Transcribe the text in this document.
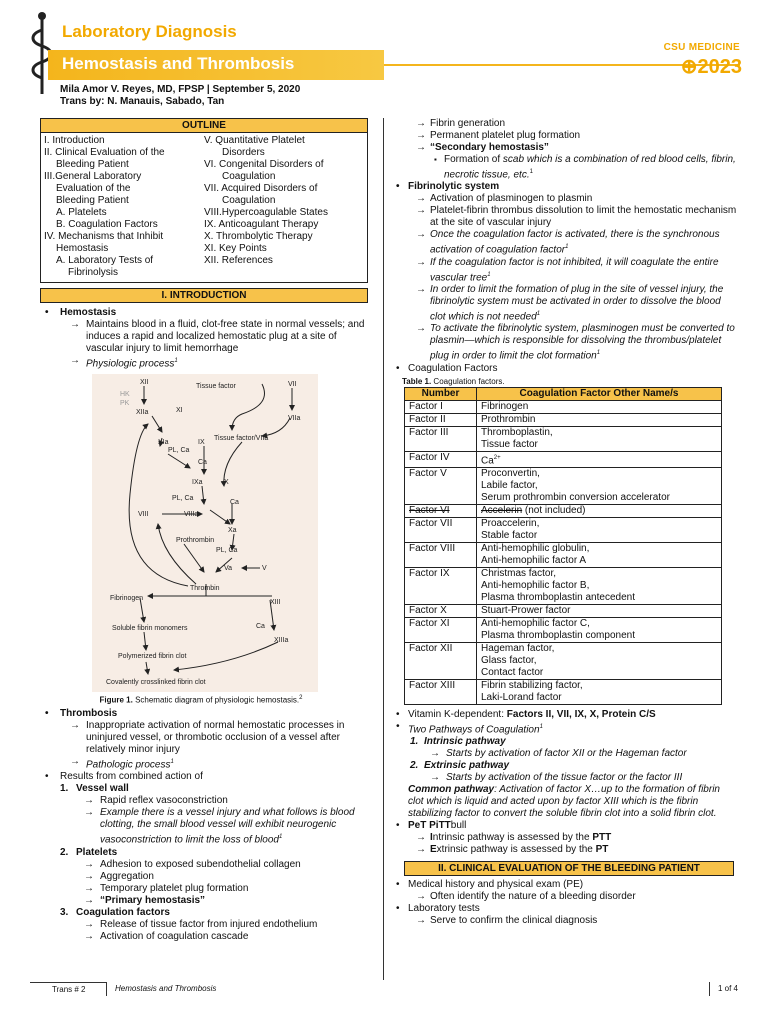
Laboratory Diagnosis
Hemostasis and Thrombosis
CSU MEDICINE
⊕2023
Mila Amor V. Reyes, MD, FPSP | September 5, 2020
Trans by: N. Manauis, Sabado, Tan
OUTLINE
I. Introduction
II. Clinical Evaluation of the
Bleeding Patient
III.General Laboratory
Evaluation of the
Bleeding Patient
A. Platelets
B. Coagulation Factors
IV. Mechanisms that Inhibit
Hemostasis
A. Laboratory Tests of
Fibrinolysis
V. Quantitative Platelet
Disorders
VI. Congenital Disorders of
Coagulation
VII. Acquired Disorders of
Coagulation
VIII.Hypercoagulable States
IX. Anticoagulant Therapy
X. Thrombolytic Therapy
XI. Key Points
XII. References
I. INTRODUCTION
• Hemostasis
→ Maintains blood in a fluid, clot-free state in normal vessels; and induces a rapid and localized hemostatic plug at a site of vascular injury to limit hemorrhage
→ Physiologic process$^1$
XII
HK
PK
XIIa	XI
XIa
Tissue factor	VII
VIIa
Tissue factor/VIIa
IX
PL, Ca
Ca
IXa	X
PL, Ca
Ca
VIII	VIIIa
Xa
Prothrombin
PL, Ca
Va	V
Fibrinogen
Thrombin
XIII
Ca
XIIIa
Soluble fibrin monomers
Polymerized fibrin clot
Covalently crosslinked fibrin clot
Figure 1. Schematic diagram of physiologic hemostasis.$^2$
• Thrombosis
→ Inappropriate activation of normal hemostatic processes in uninjured vessel, or thrombotic occlusion of a vessel after relatively minor injury
→ Pathologic process$^1$
• Results from combined action of
1. Vessel wall
→ Rapid reflex vasoconstriction
→ Example there is a vessel injury and what follows is blood clotting, the small blood vessel will exhibit neurogenic vasoconstriction to limit the loss of blood$^1$
2. Platelets
→ Adhesion to exposed subendothelial collagen
→ Aggregation
→ Temporary platelet plug formation
→ “Primary hemostasis”
3. Coagulation factors
→ Release of tissue factor from injured endothelium
→ Activation of coagulation cascade
→ Fibrin generation
→ Permanent platelet plug formation
→ “Secondary hemostasis”
▪ Formation of scab which is a combination of red blood cells, fibrin, necrotic tissue, etc.$^1$
• Fibrinolytic system
→ Activation of plasminogen to plasmin
→ Platelet-fibrin thrombus dissolution to limit the hemostatic mechanism at the site of vascular injury
→ Once the coagulation factor is activated, there is the synchronous activation of coagulation factor$^1$
→ If the coagulation factor is not inhibited, it will coagulate the entire vascular tree$^1$
→ In order to limit the formation of plug in the site of vessel injury, the fibrinolytic system must be activated in order to dissolve the blood clot which is not needed$^1$
→ To activate the fibrinolytic system, plasminogen must be converted to plasmin—which is responsible for dissolving the thrombus/platelet plug in order to limit the clot formation$^1$
• Coagulation Factors
Table 1. Coagulation factors.
Number	Coagulation Factor Other Name/s
Factor I	Fibrinogen

Factor II	Prothrombin

Factor III	Thromboplastin,
Tissue factor

Factor IV	$Ca^{2+}$

Factor V	Proconvertin,
Labile factor,
Serum prothrombin conversion accelerator

Factor VI	Accelerin (not included)

Factor VII	Proaccelerin,
Stable factor

Factor VIII	Anti-hemophilic globulin,
Anti-hemophilic factor A

Factor IX	Christmas factor,
Anti-hemophilic factor B,
Plasma thromboplastin antecedent

Factor X	Stuart-Prower factor

Factor XI	Anti-hemophilic factor C,
Plasma thromboplastin component

Factor XII	Hageman factor,
Glass factor,
Contact factor

Factor XIII	Fibrin stabilizing factor,
Laki-Lorand factor
• Vitamin K-dependent: Factors II, VII, IX, X, Protein C/S
• Two Pathways of Coagulation$^1$
1. Intrinsic pathway
→ Starts by activation of factor XII or the Hageman factor
2. Extrinsic pathway
→ Starts by activation of the tissue factor or the factor III
Common pathway: Activation of factor X…up to the formation of fibrin clot which is liquid and acted upon by factor XIII which is the fibrin stabilizing factor to convert the soluble fibrin clot into a solid fibrin clot.
• PeT PiTTbull
→ Intrinsic pathway is assessed by the PTT
→ Extrinsic pathway is assessed by the PT
II. CLINICAL EVALUATION OF THE BLEEDING PATIENT
• Medical history and physical exam (PE)
→ Often identify the nature of a bleeding disorder
• Laboratory tests
→ Serve to confirm the clinical diagnosis
Trans # 2	Hemostasis and Thrombosis	1 of 4
